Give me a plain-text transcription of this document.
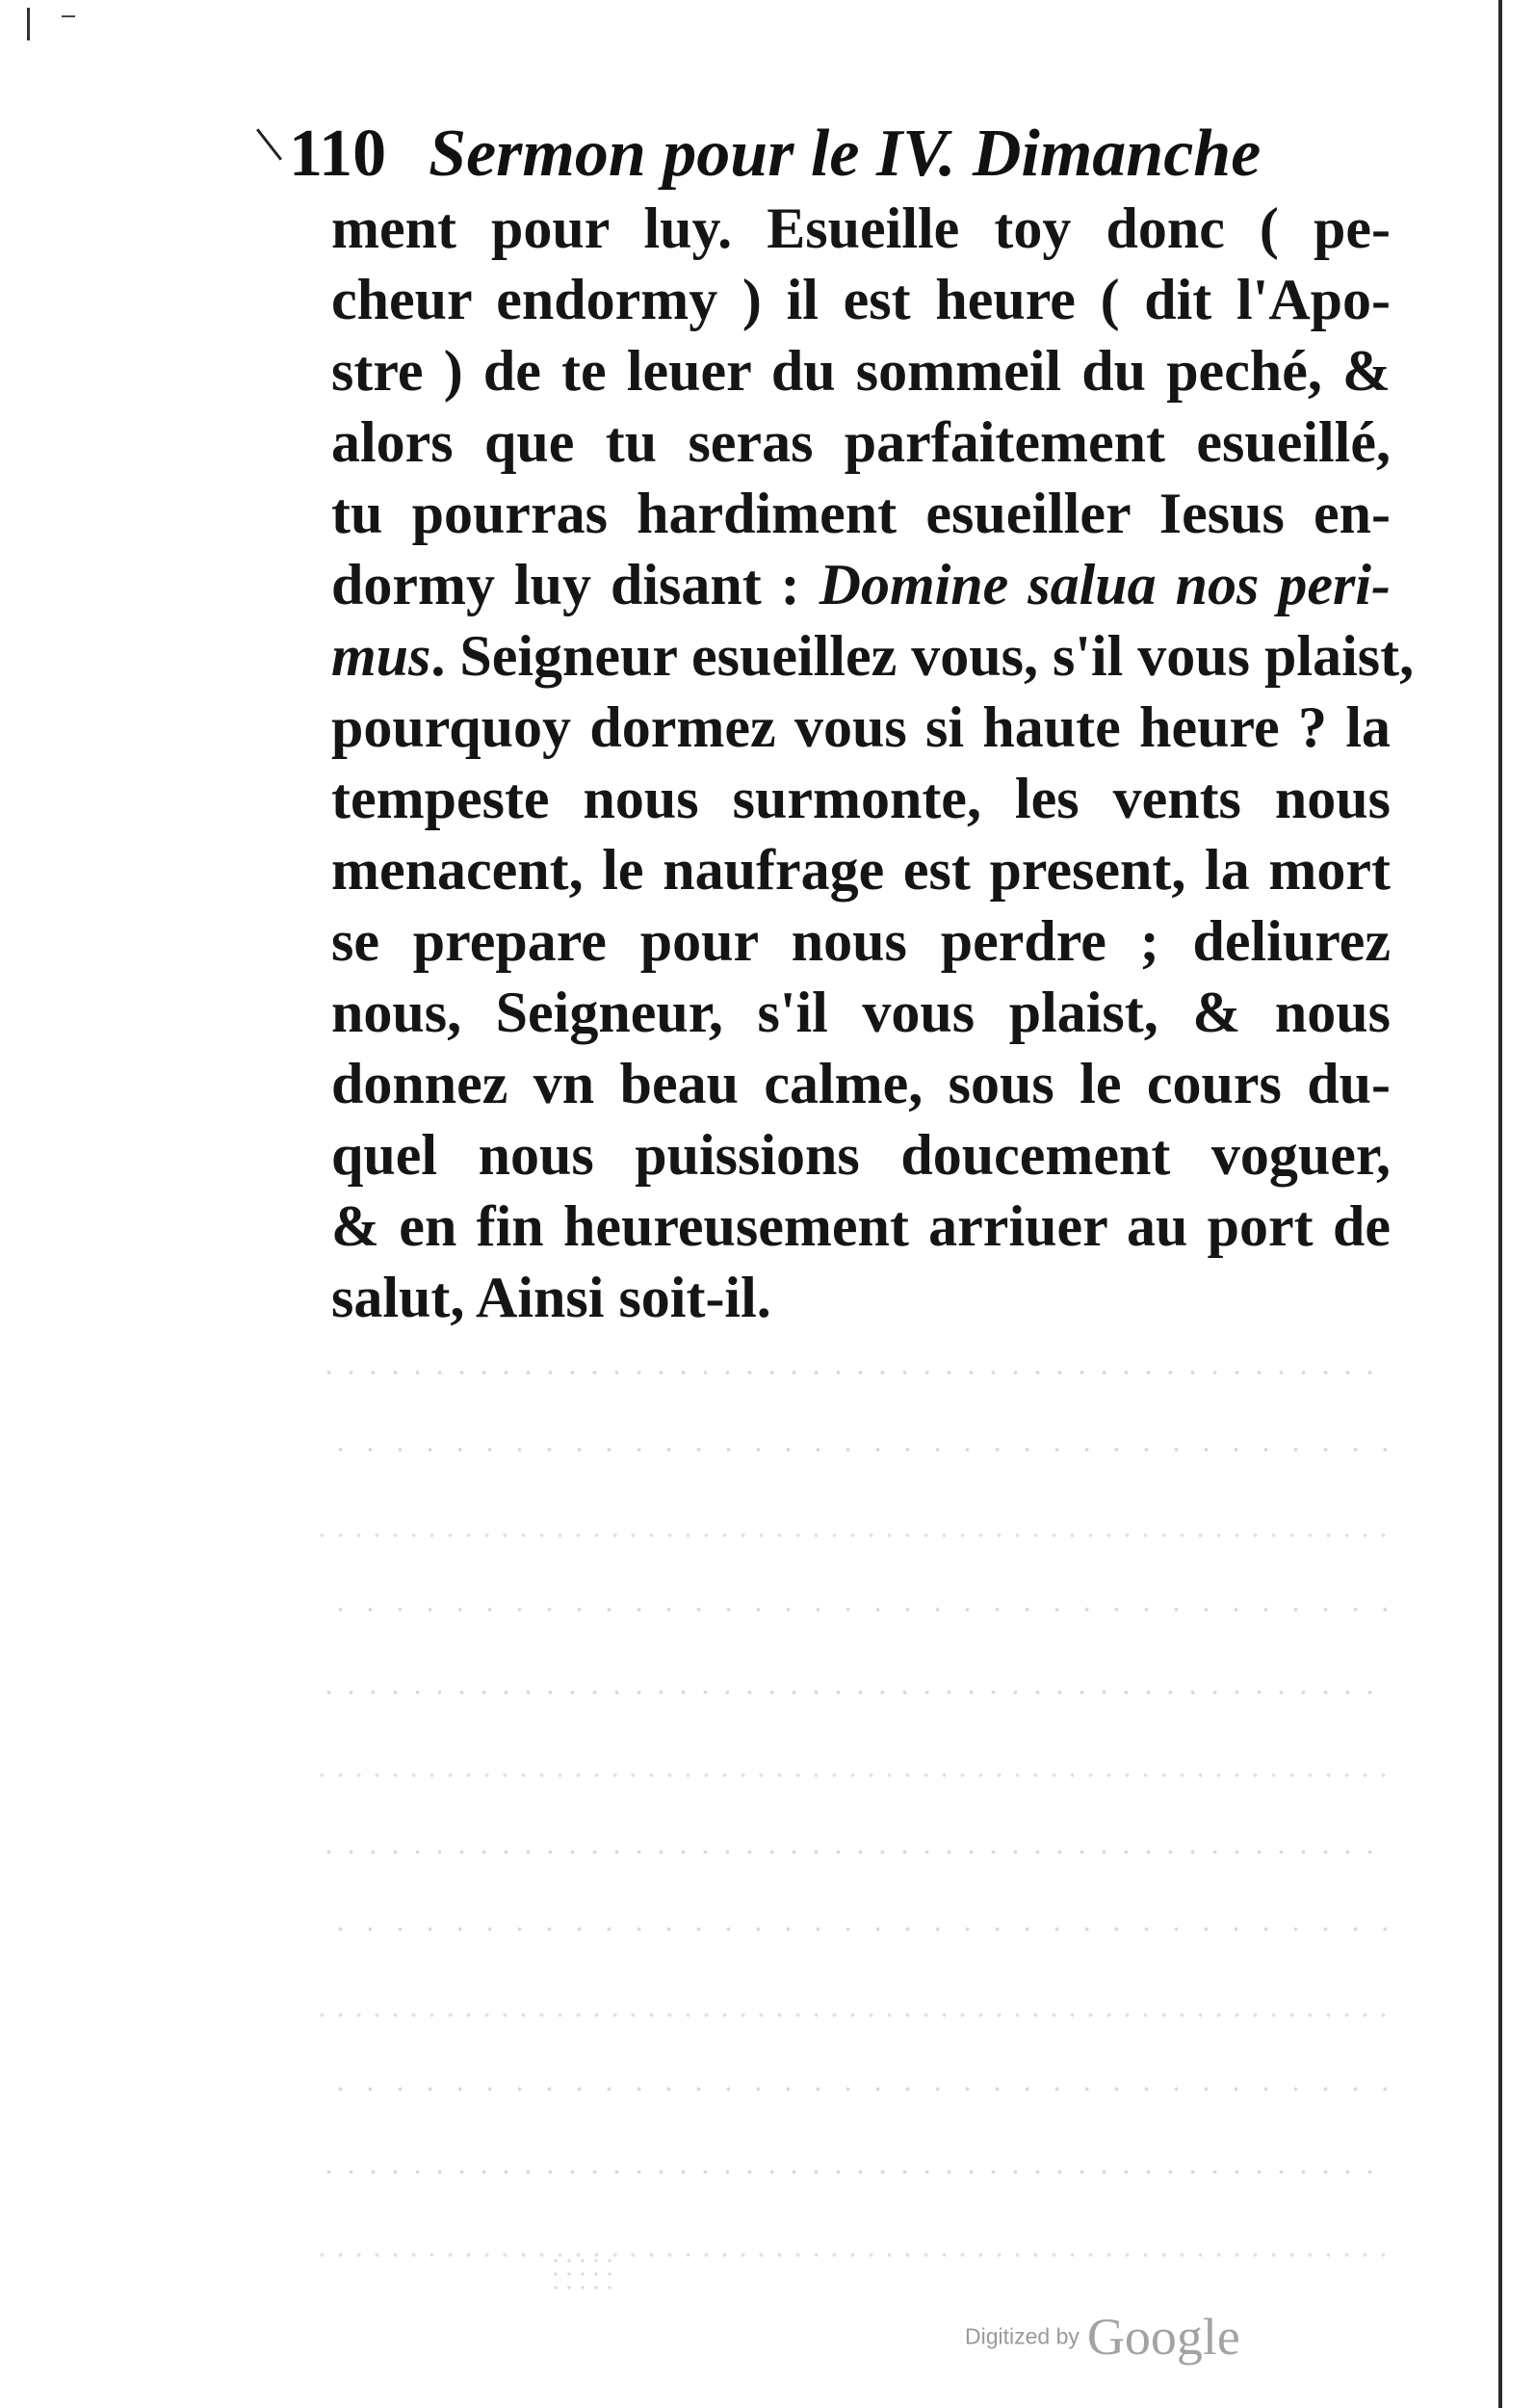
110 Sermon pour le IV. Dimanche
ment pour luy. Esueille toy donc ( pe-
cheur endormy ) il est heure ( dit l'Apo-
stre ) de te leuer du sommeil du peché, &
alors que tu seras parfaitement esueillé,
tu pourras hardiment esueiller Iesus en-
dormy luy disant : Domine salua nos peri-
mus. Seigneur esueillez vous, s'il vous plaist,
pourquoy dormez vous si haute heure ? la
tempeste nous surmonte, les vents nous
menacent, le naufrage est present, la mort
se prepare pour nous perdre ; deliurez
nous, Seigneur, s'il vous plaist, & nous
donnez vn beau calme, sous le cours du-
quel nous puissions doucement voguer,
& en fin heureusement arriuer au port de
salut, Ainsi soit-il.
Digitized by Google
